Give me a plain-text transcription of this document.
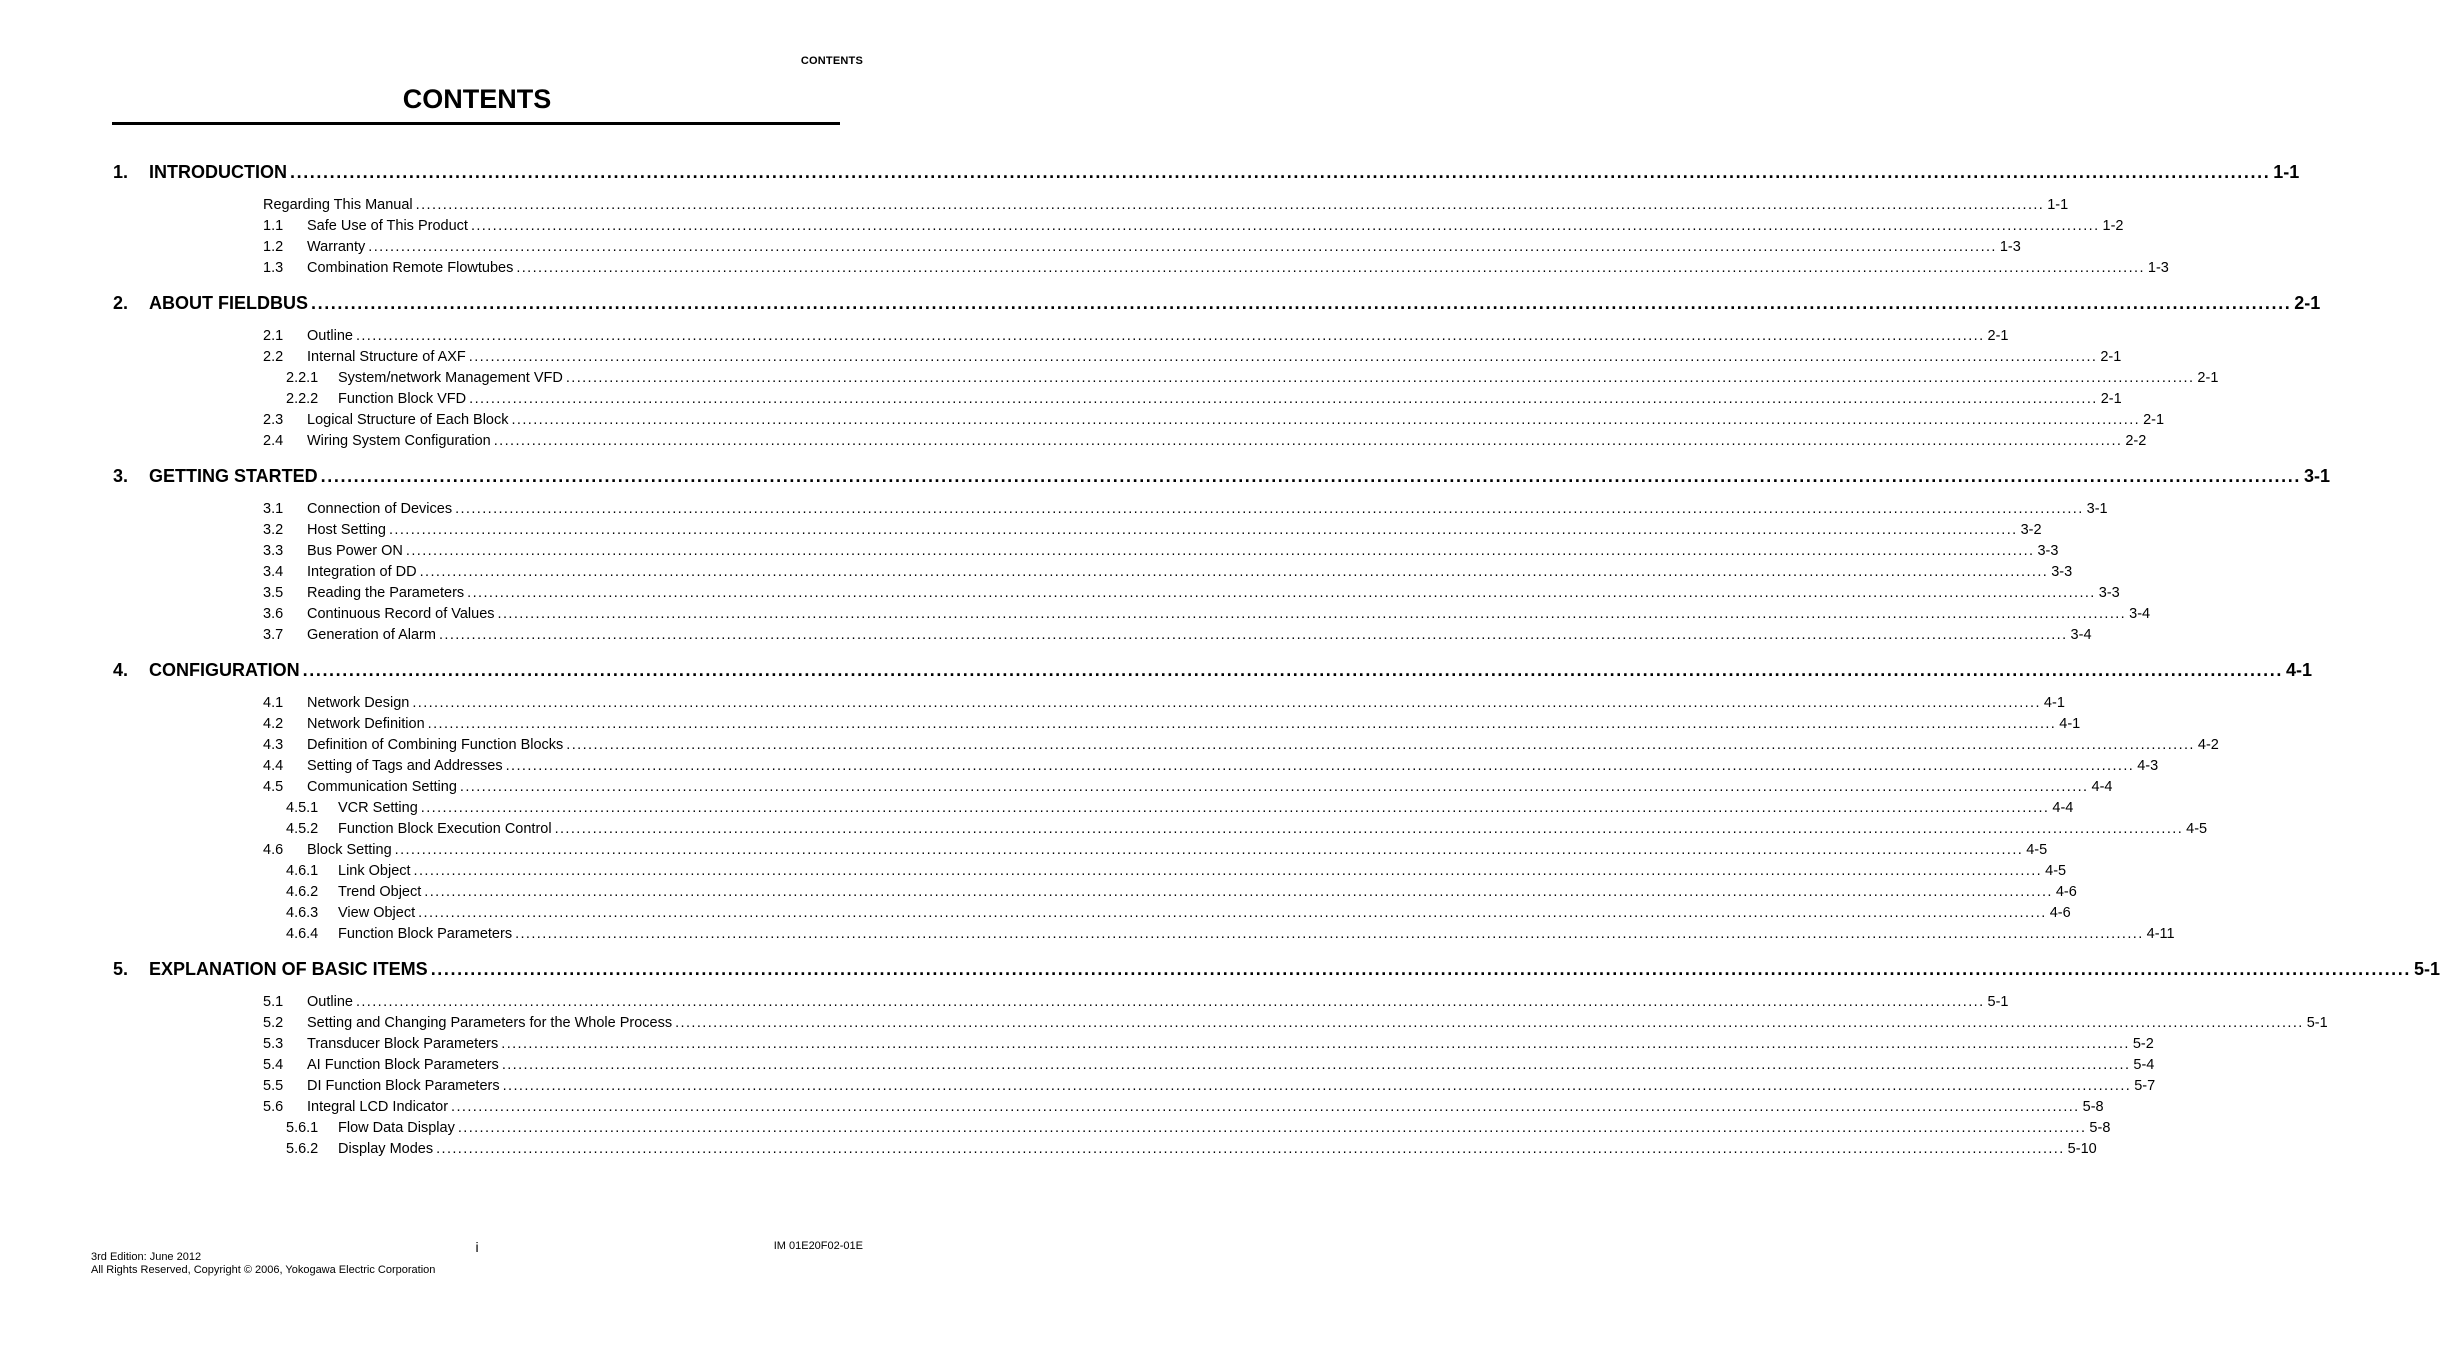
CONTENTS
CONTENTS
1. INTRODUCTION ............................................................................................................................................................................................................................................................................................................ 1-1
Regarding This Manual ............................................................................................................................................................................................................................................................................................................ 1-1
1.1 Safe Use of This Product ............................................................................................................................................................................................................................................................................................................ 1-2
1.2 Warranty ............................................................................................................................................................................................................................................................................................................ 1-3
1.3 Combination Remote Flowtubes ............................................................................................................................................................................................................................................................................................................ 1-3
2. ABOUT FIELDBUS ............................................................................................................................................................................................................................................................................................................ 2-1
2.1 Outline ............................................................................................................................................................................................................................................................................................................ 2-1
2.2 Internal Structure of AXF ............................................................................................................................................................................................................................................................................................................ 2-1
2.2.1 System/network Management VFD ............................................................................................................................................................................................................................................................................................................ 2-1
2.2.2 Function Block VFD ............................................................................................................................................................................................................................................................................................................ 2-1
2.3 Logical Structure of Each Block ............................................................................................................................................................................................................................................................................................................ 2-1
2.4 Wiring System Configuration ............................................................................................................................................................................................................................................................................................................ 2-2
3. GETTING STARTED ............................................................................................................................................................................................................................................................................................................ 3-1
3.1 Connection of Devices ............................................................................................................................................................................................................................................................................................................ 3-1
3.2 Host Setting ............................................................................................................................................................................................................................................................................................................ 3-2
3.3 Bus Power ON ............................................................................................................................................................................................................................................................................................................ 3-3
3.4 Integration of DD ............................................................................................................................................................................................................................................................................................................ 3-3
3.5 Reading the Parameters ............................................................................................................................................................................................................................................................................................................ 3-3
3.6 Continuous Record of Values ............................................................................................................................................................................................................................................................................................................ 3-4
3.7 Generation of Alarm ............................................................................................................................................................................................................................................................................................................ 3-4
4. CONFIGURATION ............................................................................................................................................................................................................................................................................................................ 4-1
4.1 Network Design ............................................................................................................................................................................................................................................................................................................ 4-1
4.2 Network Definition ............................................................................................................................................................................................................................................................................................................ 4-1
4.3 Definition of Combining Function Blocks ............................................................................................................................................................................................................................................................................................................ 4-2
4.4 Setting of Tags and Addresses ............................................................................................................................................................................................................................................................................................................ 4-3
4.5 Communication Setting ............................................................................................................................................................................................................................................................................................................ 4-4
4.5.1 VCR Setting ............................................................................................................................................................................................................................................................................................................ 4-4
4.5.2 Function Block Execution Control ............................................................................................................................................................................................................................................................................................................ 4-5
4.6 Block Setting ............................................................................................................................................................................................................................................................................................................ 4-5
4.6.1 Link Object ............................................................................................................................................................................................................................................................................................................ 4-5
4.6.2 Trend Object ............................................................................................................................................................................................................................................................................................................ 4-6
4.6.3 View Object ............................................................................................................................................................................................................................................................................................................ 4-6
4.6.4 Function Block Parameters ............................................................................................................................................................................................................................................................................................................ 4-11
5. EXPLANATION OF BASIC ITEMS ............................................................................................................................................................................................................................................................................................................ 5-1
5.1 Outline ............................................................................................................................................................................................................................................................................................................ 5-1
5.2 Setting and Changing Parameters for the Whole Process ............................................................................................................................................................................................................................................................................................................ 5-1
5.3 Transducer Block Parameters ............................................................................................................................................................................................................................................................................................................ 5-2
5.4 AI Function Block Parameters ............................................................................................................................................................................................................................................................................................................ 5-4
5.5 DI Function Block Parameters ............................................................................................................................................................................................................................................................................................................ 5-7
5.6 Integral LCD Indicator ............................................................................................................................................................................................................................................................................................................ 5-8
5.6.1 Flow Data Display ............................................................................................................................................................................................................................................................................................................ 5-8
5.6.2 Display Modes ............................................................................................................................................................................................................................................................................................................ 5-10
i	IM 01E20F02-01E
3rd Edition: June 2012
All Rights Reserved, Copyright © 2006, Yokogawa Electric Corporation
